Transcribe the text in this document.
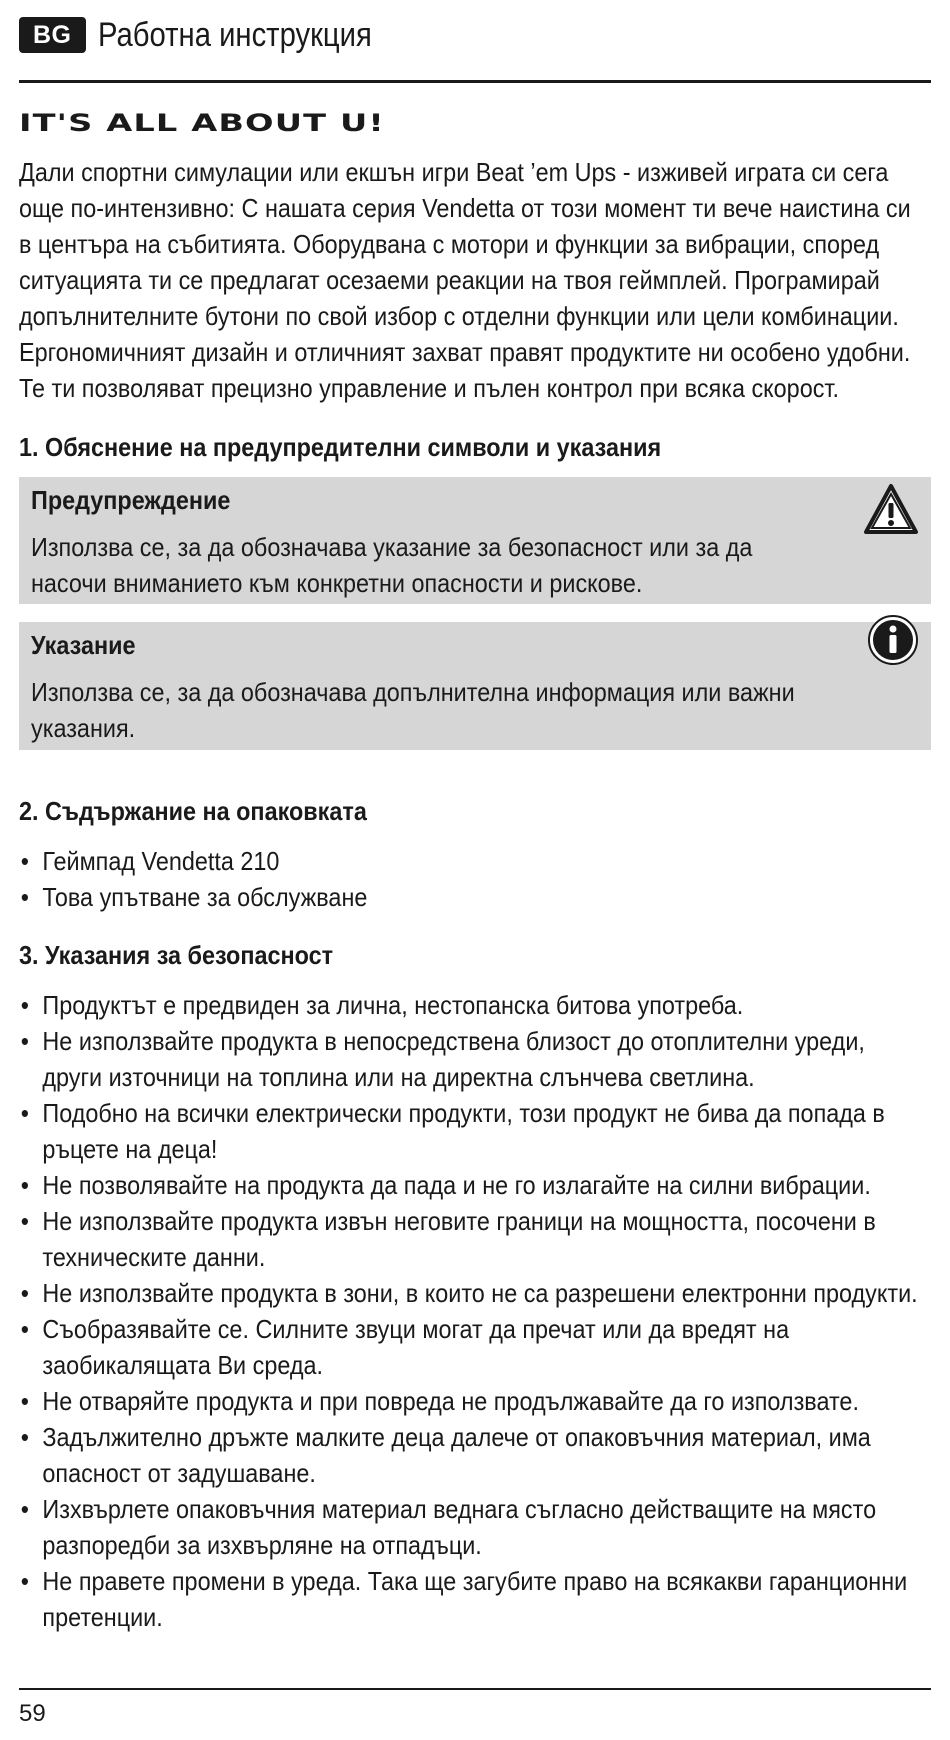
BG Работна инструкция
IT'S ALL ABOUT U!
Дали спортни симулации или екшън игри Beat ’em Ups - изживей играта си сега още по-интензивно: С нашата серия Vendetta от този момент ти вече наистина си в центъра на събитията. Оборудвана с мотори и функции за вибрации, според ситуацията ти се предлагат осезаеми реакции на твоя геймплей. Програмирай допълнителните бутони по свой избор с отделни функции или цели комбинации. Ергономичният дизайн и отличният захват правят продуктите ни особено удобни. Те ти позволяват прецизно управление и пълен контрол при всяка скорост.
1. Обяснение на предупредителни символи и указания
Предупреждение
Използва се, за да обозначава указание за безопасност или за да насочи вниманието към конкретни опасности и рискове.
Указание
Използва се, за да обозначава допълнителна информация или важни указания.
2. Съдържание на опаковката
• Геймпад Vendetta 210
• Това упътване за обслужване
3. Указания за безопасност
• Продуктът е предвиден за лична, нестопанска битова употреба.
• Не използвайте продукта в непосредствена близост до отоплителни уреди, други източници на топлина или на директна слънчева светлина.
• Подобно на всички електрически продукти, този продукт не бива да попада в ръцете на деца!
• Не позволявайте на продукта да пада и не го излагайте на силни вибрации.
• Не използвайте продукта извън неговите граници на мощността, посочени в техническите данни.
• Не използвайте продукта в зони, в които не са разрешени електронни продукти.
• Съобразявайте се. Силните звуци могат да пречат или да вредят на заобикалящата Ви среда.
• Не отваряйте продукта и при повреда не продължавайте да го използвате.
• Задължително дръжте малките деца далече от опаковъчния материал, има опасност от задушаване.
• Изхвърлете опаковъчния материал веднага съгласно действащите на място разпоредби за изхвърляне на отпадъци.
• Не правете промени в уреда. Така ще загубите право на всякакви гаранционни претенции.
59
